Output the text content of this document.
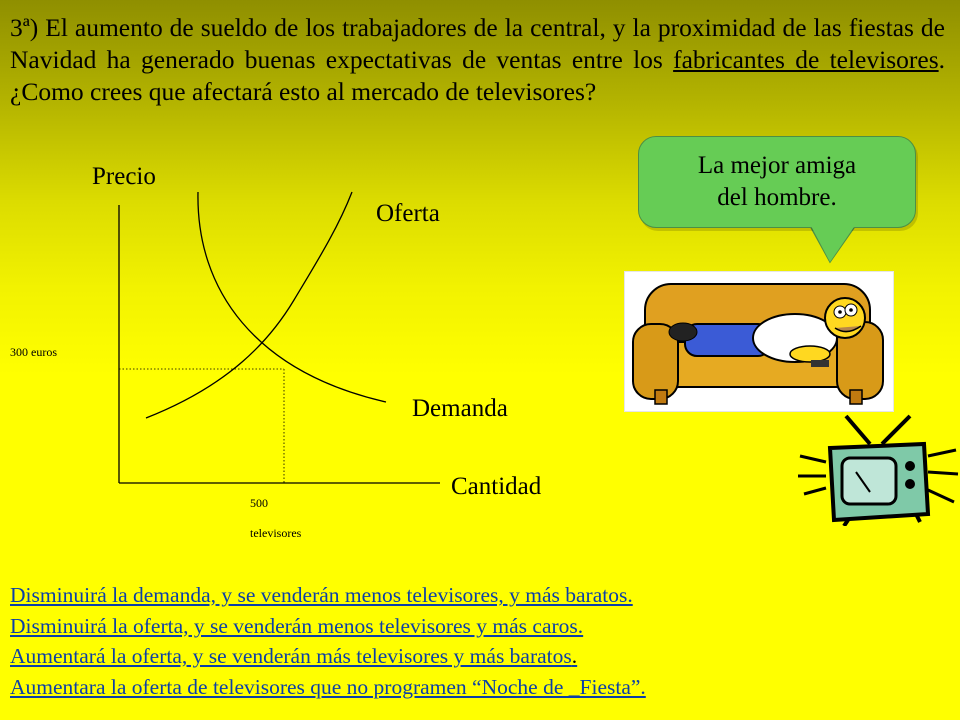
3ª) El aumento de sueldo de los trabajadores de la central, y la proximidad de las fiestas de Navidad ha generado buenas expectativas de ventas entre los fabricantes de televisores. ¿Como crees que afectará esto al mercado de televisores?
Precio
Oferta
Demanda
Cantidad
300 euros
500
televisores
La mejor amiga
del hombre.
Disminuirá la demanda, y se venderán menos televisores, y más baratos.
Disminuirá la oferta, y se venderán menos televisores y más caros.
Aumentará la oferta, y se venderán más televisores y más baratos.
Aumentara la oferta de televisores que no programen “Noche de _Fiesta”.
